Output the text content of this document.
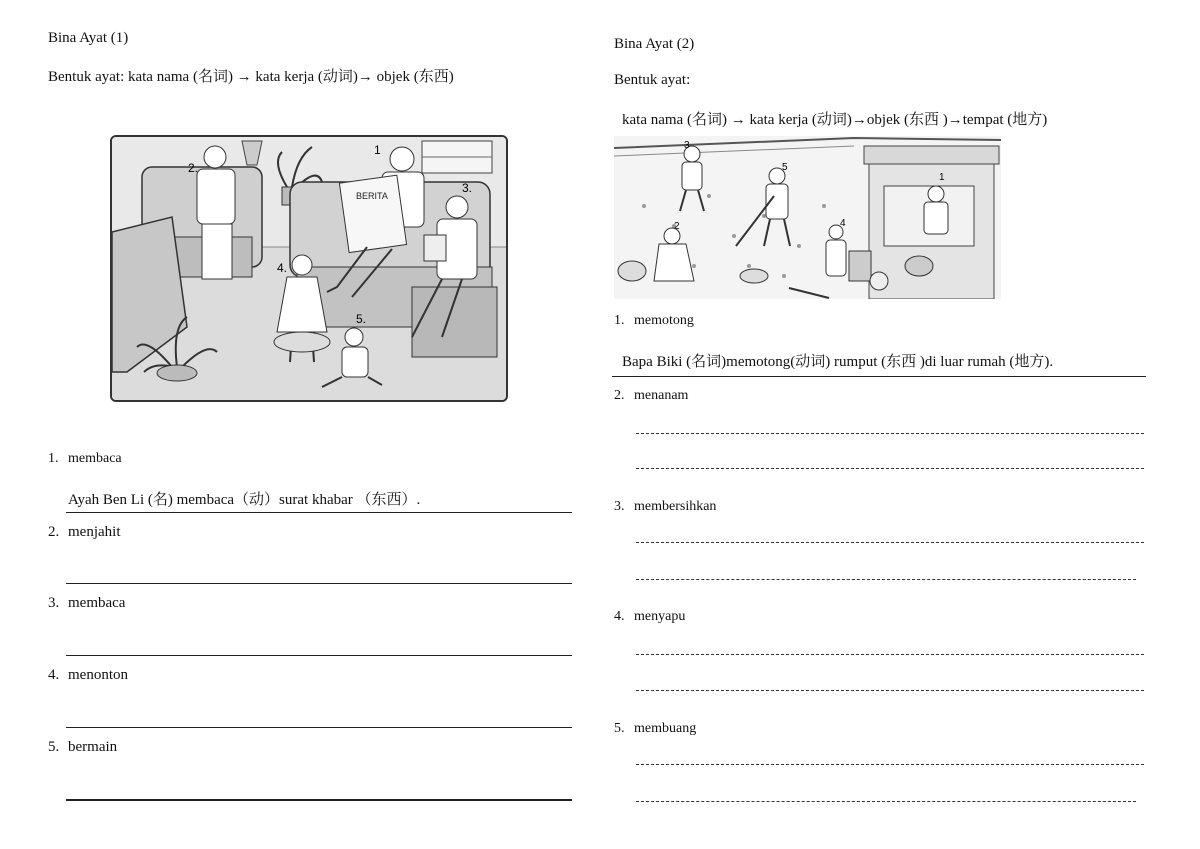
Bina Ayat (1)
Bentuk ayat: kata nama (名词) → kata kerja (动词)→ objek (东西)
BERITA
1
2.
3.
4.
5.
1. membaca
Ayah Ben Li (名) membaca（动）surat khabar （东西）.
2. menjahit
3. membaca
4. menonton
5. bermain
Bina Ayat (2)
Bentuk ayat:
kata nama (名词) → kata kerja (动词)→objek (东西 )→tempat (地方)
1
2
3
4
5
1. memotong
Bapa Biki (名词)memotong(动词) rumput (东西 )di luar rumah (地方).
2. menanam
3. membersihkan
4. menyapu
5. membuang
